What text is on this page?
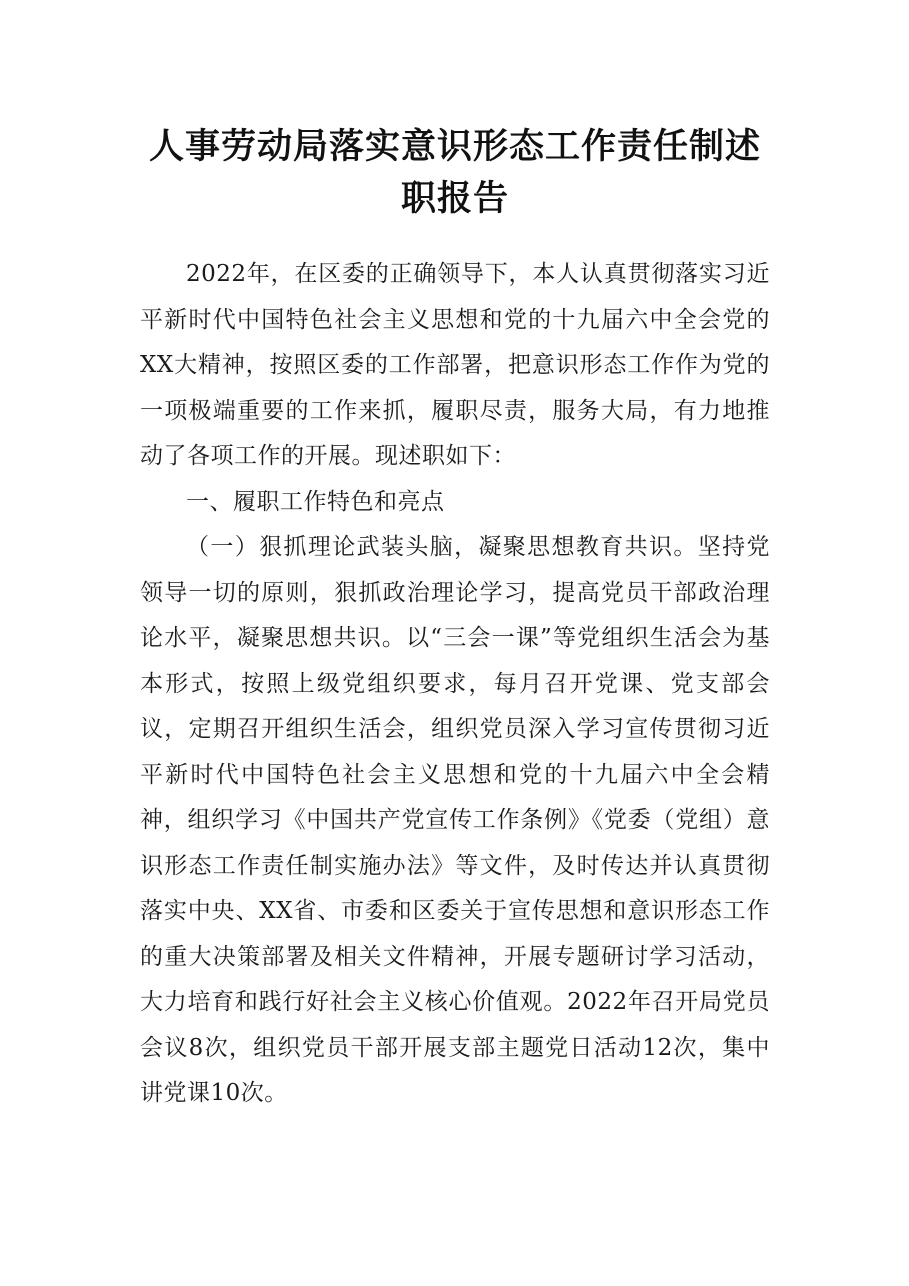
人事劳动局落实意识形态工作责任制述职报告

2022年，在区委的正确领导下，本人认真贯彻落实习近平新时代中国特色社会主义思想和党的十九届六中全会党的XX大精神，按照区委的工作部署，把意识形态工作作为党的一项极端重要的工作来抓，履职尽责，服务大局，有力地推动了各项工作的开展。现述职如下：

一、履职工作特色和亮点

（一）狠抓理论武装头脑，凝聚思想教育共识。坚持党领导一切的原则，狠抓政治理论学习，提高党员干部政治理论水平，凝聚思想共识。以“三会一课”等党组织生活会为基本形式，按照上级党组织要求，每月召开党课、党支部会议，定期召开组织生活会，组织党员深入学习宣传贯彻习近平新时代中国特色社会主义思想和党的十九届六中全会精神，组织学习《中国共产党宣传工作条例》《党委（党组）意识形态工作责任制实施办法》等文件，及时传达并认真贯彻落实中央、XX省、市委和区委关于宣传思想和意识形态工作的重大决策部署及相关文件精神，开展专题研讨学习活动，大力培育和践行好社会主义核心价值观。2022年召开局党员会议8次，组织党员干部开展支部主题党日活动12次，集中讲党课10次。
